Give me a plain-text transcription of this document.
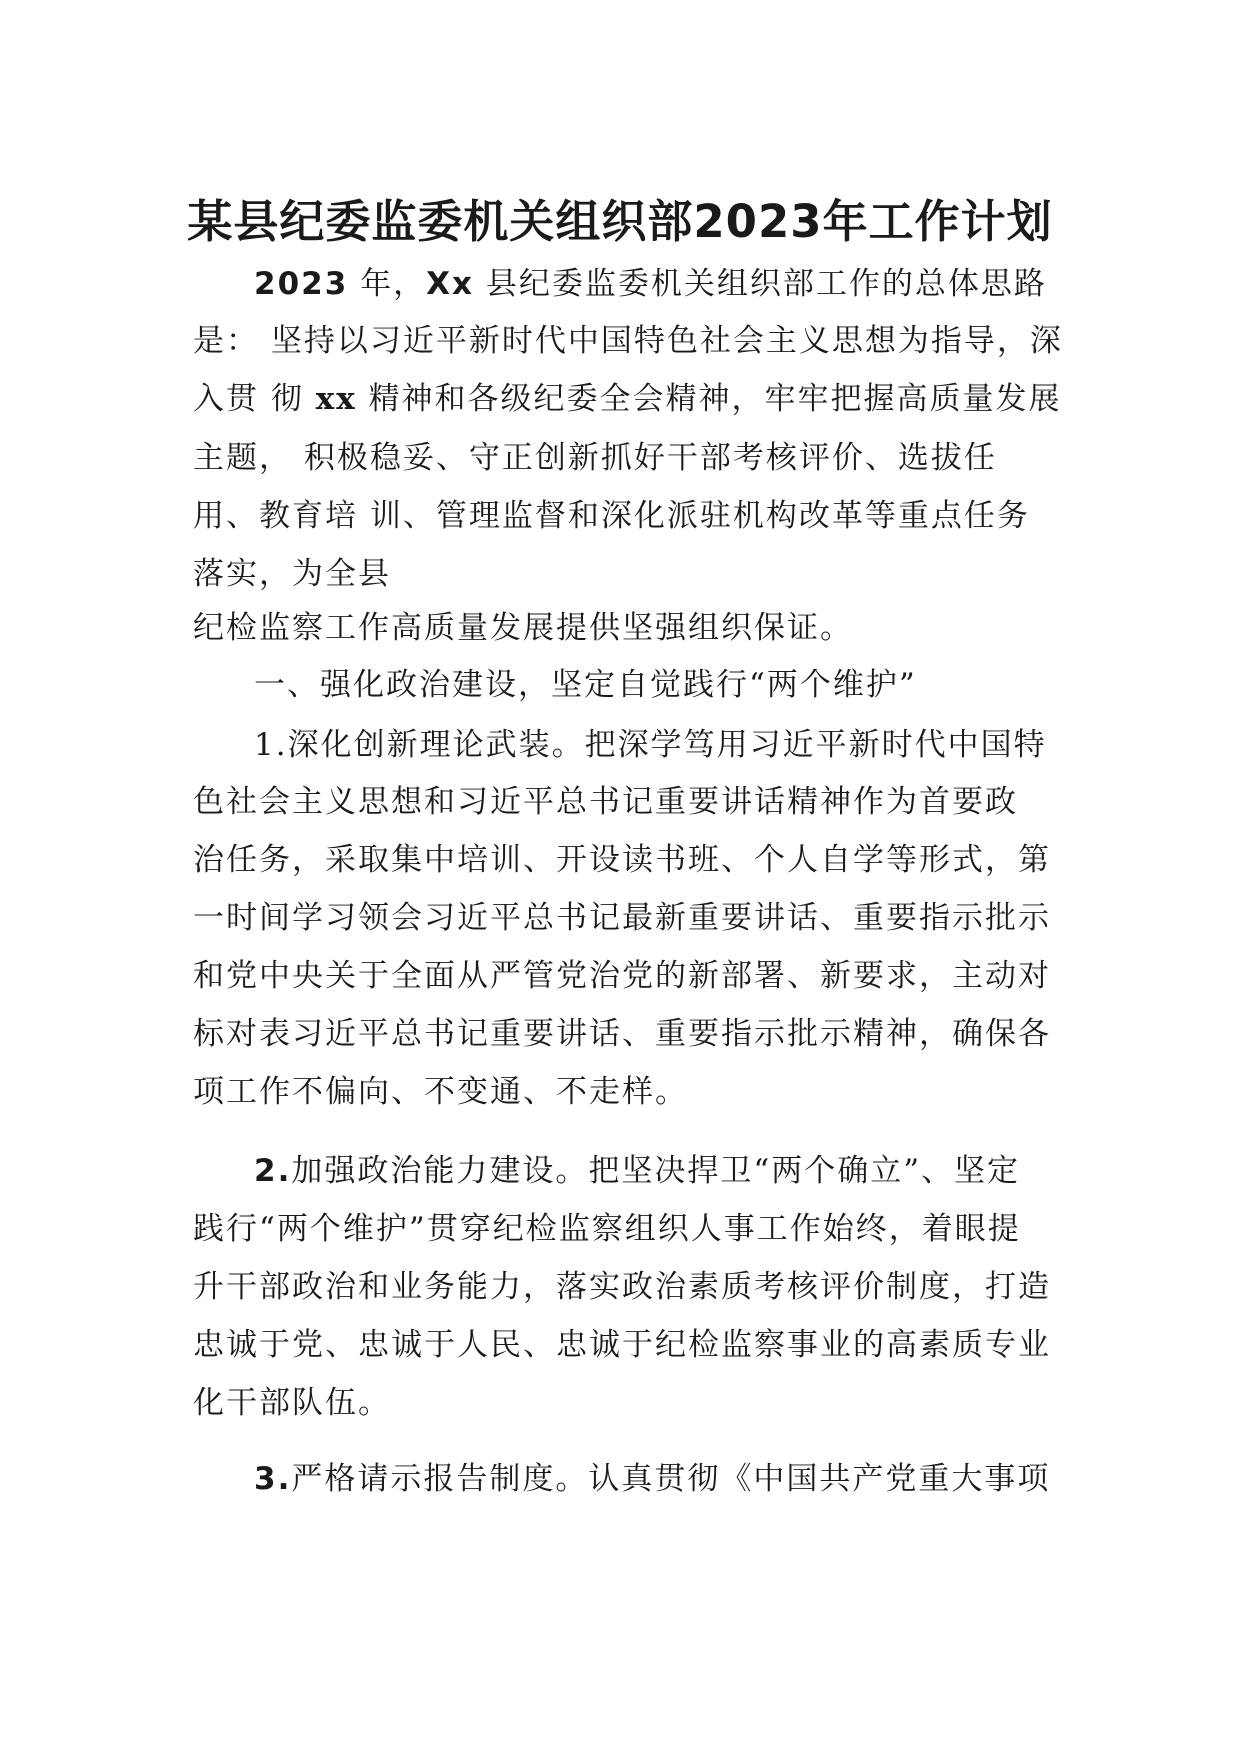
某县纪委监委机关组织部2023年工作计划
2023 年，Xx 县纪委监委机关组织部工作的总体思路
是： 坚持以习近平新时代中国特色社会主义思想为指导，深
入贯 彻 xx 精神和各级纪委全会精神，牢牢把握高质量发展
主题， 积极稳妥、守正创新抓好干部考核评价、选拔任
用、教育培 训、管理监督和深化派驻机构改革等重点任务
落实，为全县
纪检监察工作高质量发展提供坚强组织保证。
一、强化政治建设，坚定自觉践行“两个维护”
1.深化创新理论武装。把深学笃用习近平新时代中国特
色社会主义思想和习近平总书记重要讲话精神作为首要政
治任务，采取集中培训、开设读书班、个人自学等形式，第
一时间学习领会习近平总书记最新重要讲话、重要指示批示
和党中央关于全面从严管党治党的新部署、新要求，主动对
标对表习近平总书记重要讲话、重要指示批示精神，确保各
项工作不偏向、不变通、不走样。
2.加强政治能力建设。把坚决捍卫“两个确立”、坚定
践行“两个维护”贯穿纪检监察组织人事工作始终，着眼提
升干部政治和业务能力，落实政治素质考核评价制度，打造
忠诚于党、忠诚于人民、忠诚于纪检监察事业的高素质专业
化干部队伍。
3.严格请示报告制度。认真贯彻《中国共产党重大事项
